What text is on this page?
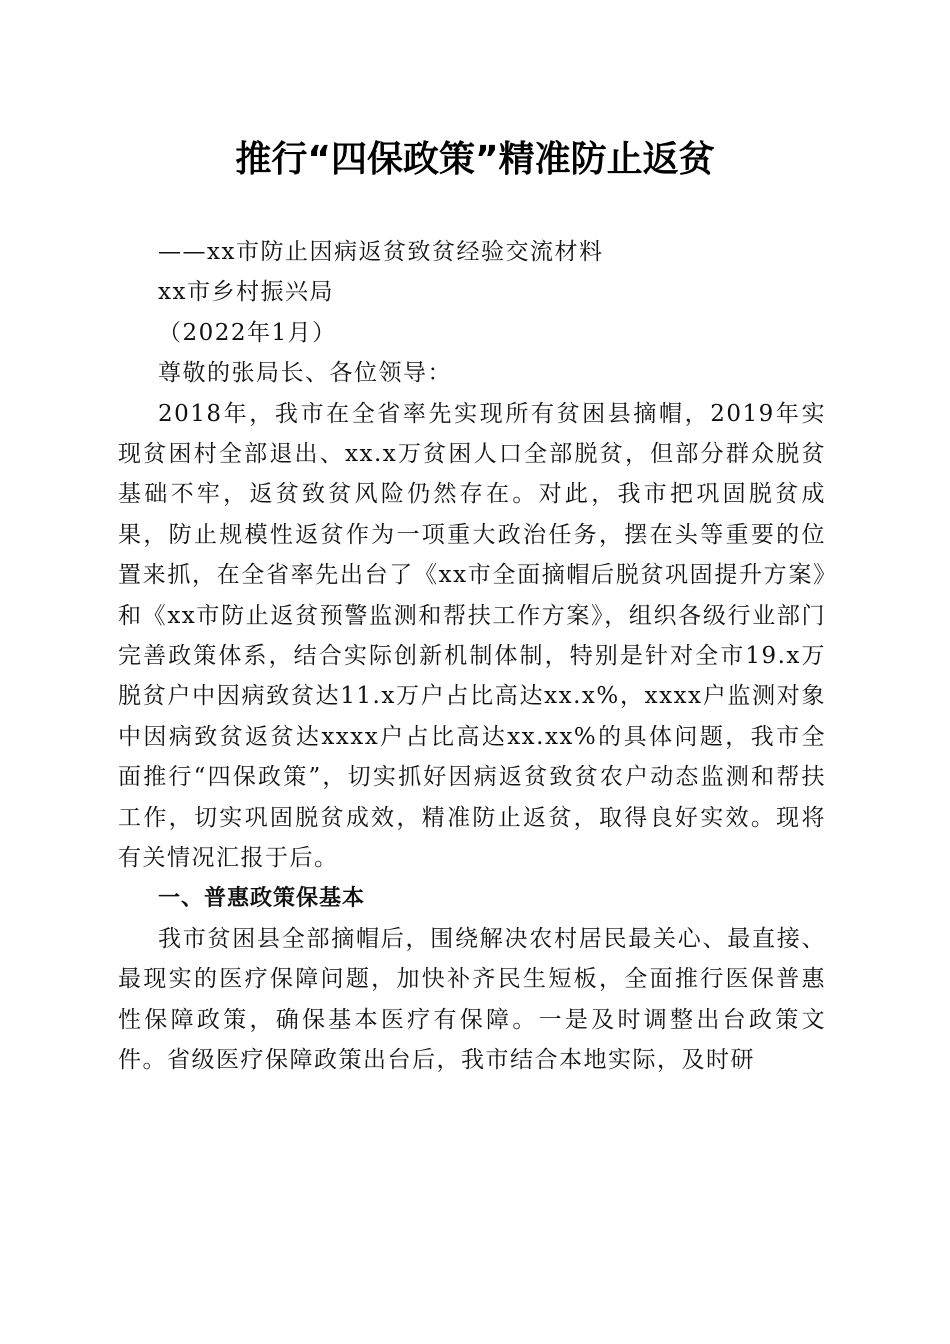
推行“四保政策”精准防止返贫

——xx市防止因病返贫致贫经验交流材料

xx市乡村振兴局

（2022年1月）

尊敬的张局长、各位领导：

2018年，我市在全省率先实现所有贫困县摘帽，2019年实现贫困村全部退出、xx.x万贫困人口全部脱贫，但部分群众脱贫基础不牢，返贫致贫风险仍然存在。对此，我市把巩固脱贫成果，防止规模性返贫作为一项重大政治任务，摆在头等重要的位置来抓，在全省率先出台了《xx市全面摘帽后脱贫巩固提升方案》和《xx市防止返贫预警监测和帮扶工作方案》，组织各级行业部门完善政策体系，结合实际创新机制体制，特别是针对全市19.x万脱贫户中因病致贫达11.x万户占比高达xx.x%，xxxx户监测对象中因病致贫返贫达xxxx户占比高达xx.xx%的具体问题，我市全面推行“四保政策”，切实抓好因病返贫致贫农户动态监测和帮扶工作，切实巩固脱贫成效，精准防止返贫，取得良好实效。现将有关情况汇报于后。

一、普惠政策保基本

我市贫困县全部摘帽后，围绕解决农村居民最关心、最直接、最现实的医疗保障问题，加快补齐民生短板，全面推行医保普惠性保障政策，确保基本医疗有保障。一是及时调整出台政策文件。省级医疗保障政策出台后，我市结合本地实际，及时研
